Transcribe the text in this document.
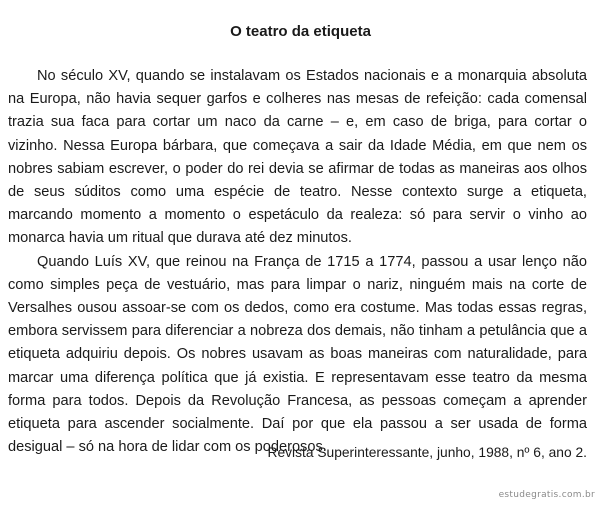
O teatro da etiqueta

No século XV, quando se instalavam os Estados nacionais e a monarquia absoluta na Europa, não havia sequer garfos e colheres nas mesas de refeição: cada comensal trazia sua faca para cortar um naco da carne – e, em caso de briga, para cortar o vizinho. Nessa Europa bárbara, que começava a sair da Idade Média, em que nem os nobres sabiam escrever, o poder do rei devia se afirmar de todas as maneiras aos olhos de seus súditos como uma espécie de teatro. Nesse contexto surge a etiqueta, marcando momento a momento o espetáculo da realeza: só para servir o vinho ao monarca havia um ritual que durava até dez minutos.

Quando Luís XV, que reinou na França de 1715 a 1774, passou a usar lenço não como simples peça de vestuário, mas para limpar o nariz, ninguém mais na corte de Versalhes ousou assoar-se com os dedos, como era costume. Mas todas essas regras, embora servissem para diferenciar a nobreza dos demais, não tinham a petulância que a etiqueta adquiriu depois. Os nobres usavam as boas maneiras com naturalidade, para marcar uma diferença política que já existia. E representavam esse teatro da mesma forma para todos. Depois da Revolução Francesa, as pessoas começam a aprender etiqueta para ascender socialmente. Daí por que ela passou a ser usada de forma desigual – só na hora de lidar com os poderosos.

Revista Superinteressante, junho, 1988, nº 6, ano 2.
estudegratis.com.br
